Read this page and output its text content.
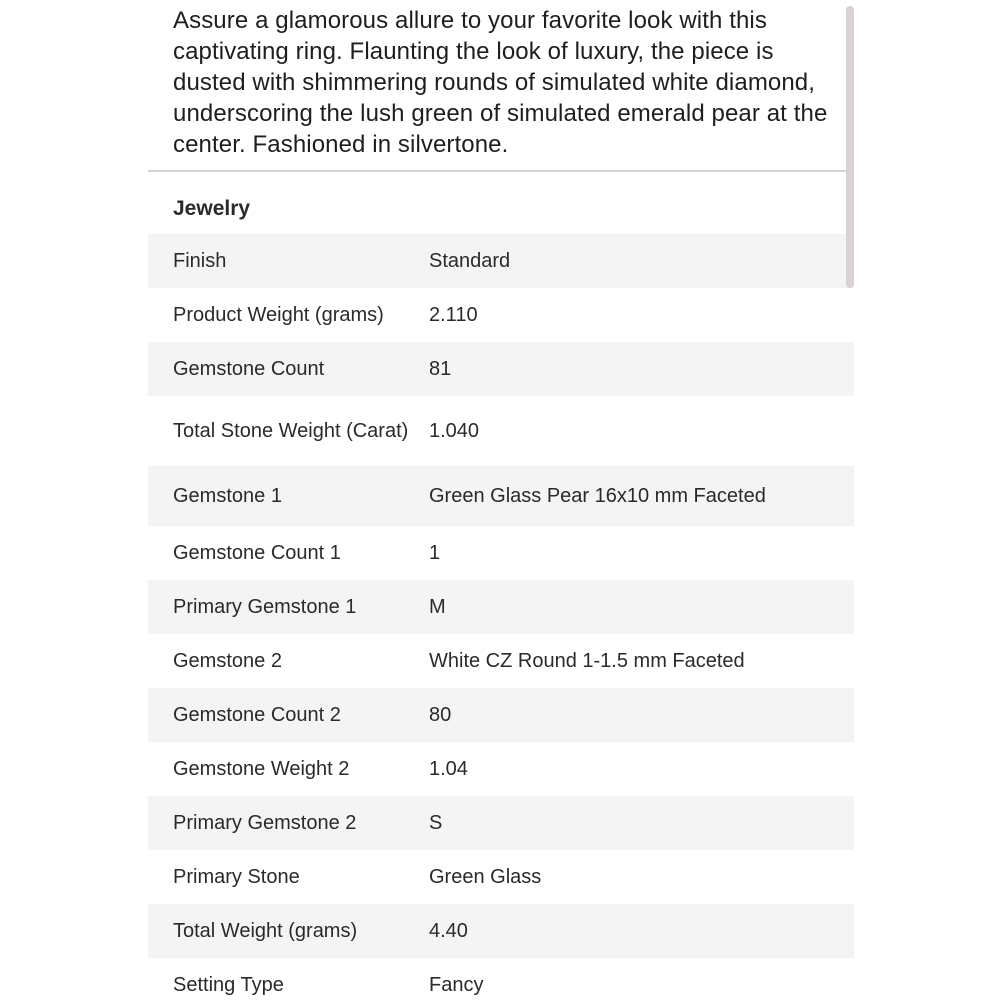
Assure a glamorous allure to your favorite look with this captivating ring. Flaunting the look of luxury, the piece is dusted with shimmering rounds of simulated white diamond, underscoring the lush green of simulated emerald pear at the center. Fashioned in silvertone.

Jewelry
Finish	Standard
Product Weight (grams)	2.110
Gemstone Count	81
Total Stone Weight (Carat)	1.040
Gemstone 1	Green Glass Pear 16x10 mm Faceted
Gemstone Count 1	1
Primary Gemstone 1	M
Gemstone 2	White CZ Round 1-1.5 mm Faceted
Gemstone Count 2	80
Gemstone Weight 2	1.04
Primary Gemstone 2	S
Primary Stone	Green Glass
Total Weight (grams)	4.40
Setting Type	Fancy
